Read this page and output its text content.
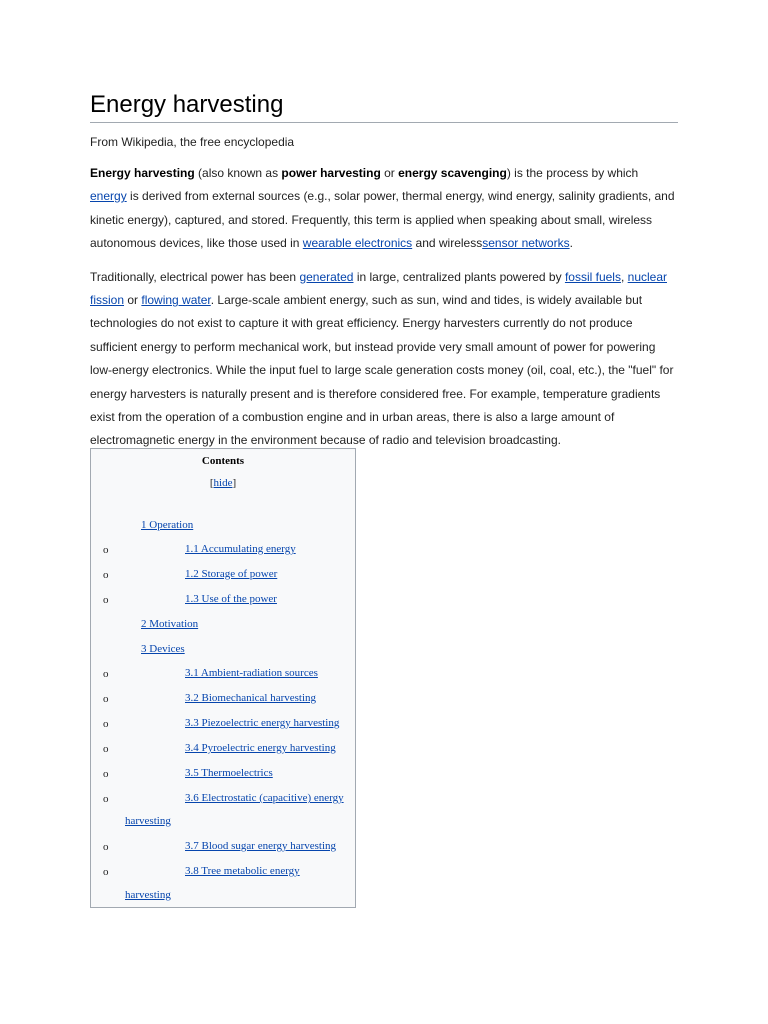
Energy harvesting
From Wikipedia, the free encyclopedia

Energy harvesting (also known as power harvesting or energy scavenging) is the process by which energy is derived from external sources (e.g., solar power, thermal energy, wind energy, salinity gradients, and kinetic energy), captured, and stored. Frequently, this term is applied when speaking about small, wireless autonomous devices, like those used in wearable electronics and wirelesssensor networks.

Traditionally, electrical power has been generated in large, centralized plants powered by fossil fuels, nuclear fission or flowing water. Large-scale ambient energy, such as sun, wind and tides, is widely available but technologies do not exist to capture it with great efficiency. Energy harvesters currently do not produce sufficient energy to perform mechanical work, but instead provide very small amount of power for powering low-energy electronics. While the input fuel to large scale generation costs money (oil, coal, etc.), the "fuel" for energy harvesters is naturally present and is therefore considered free. For example, temperature gradients exist from the operation of a combustion engine and in urban areas, there is also a large amount of electromagnetic energy in the environment because of radio and television broadcasting.

Contents
[hide]
1 Operation
o	1.1 Accumulating energy
o	1.2 Storage of power
o	1.3 Use of the power
2 Motivation
3 Devices
o	3.1 Ambient-radiation sources
o	3.2 Biomechanical harvesting
o	3.3 Piezoelectric energy harvesting
o	3.4 Pyroelectric energy harvesting
o	3.5 Thermoelectrics
o	3.6 Electrostatic (capacitive) energy
harvesting
o	3.7 Blood sugar energy harvesting
o	3.8 Tree metabolic energy
harvesting
